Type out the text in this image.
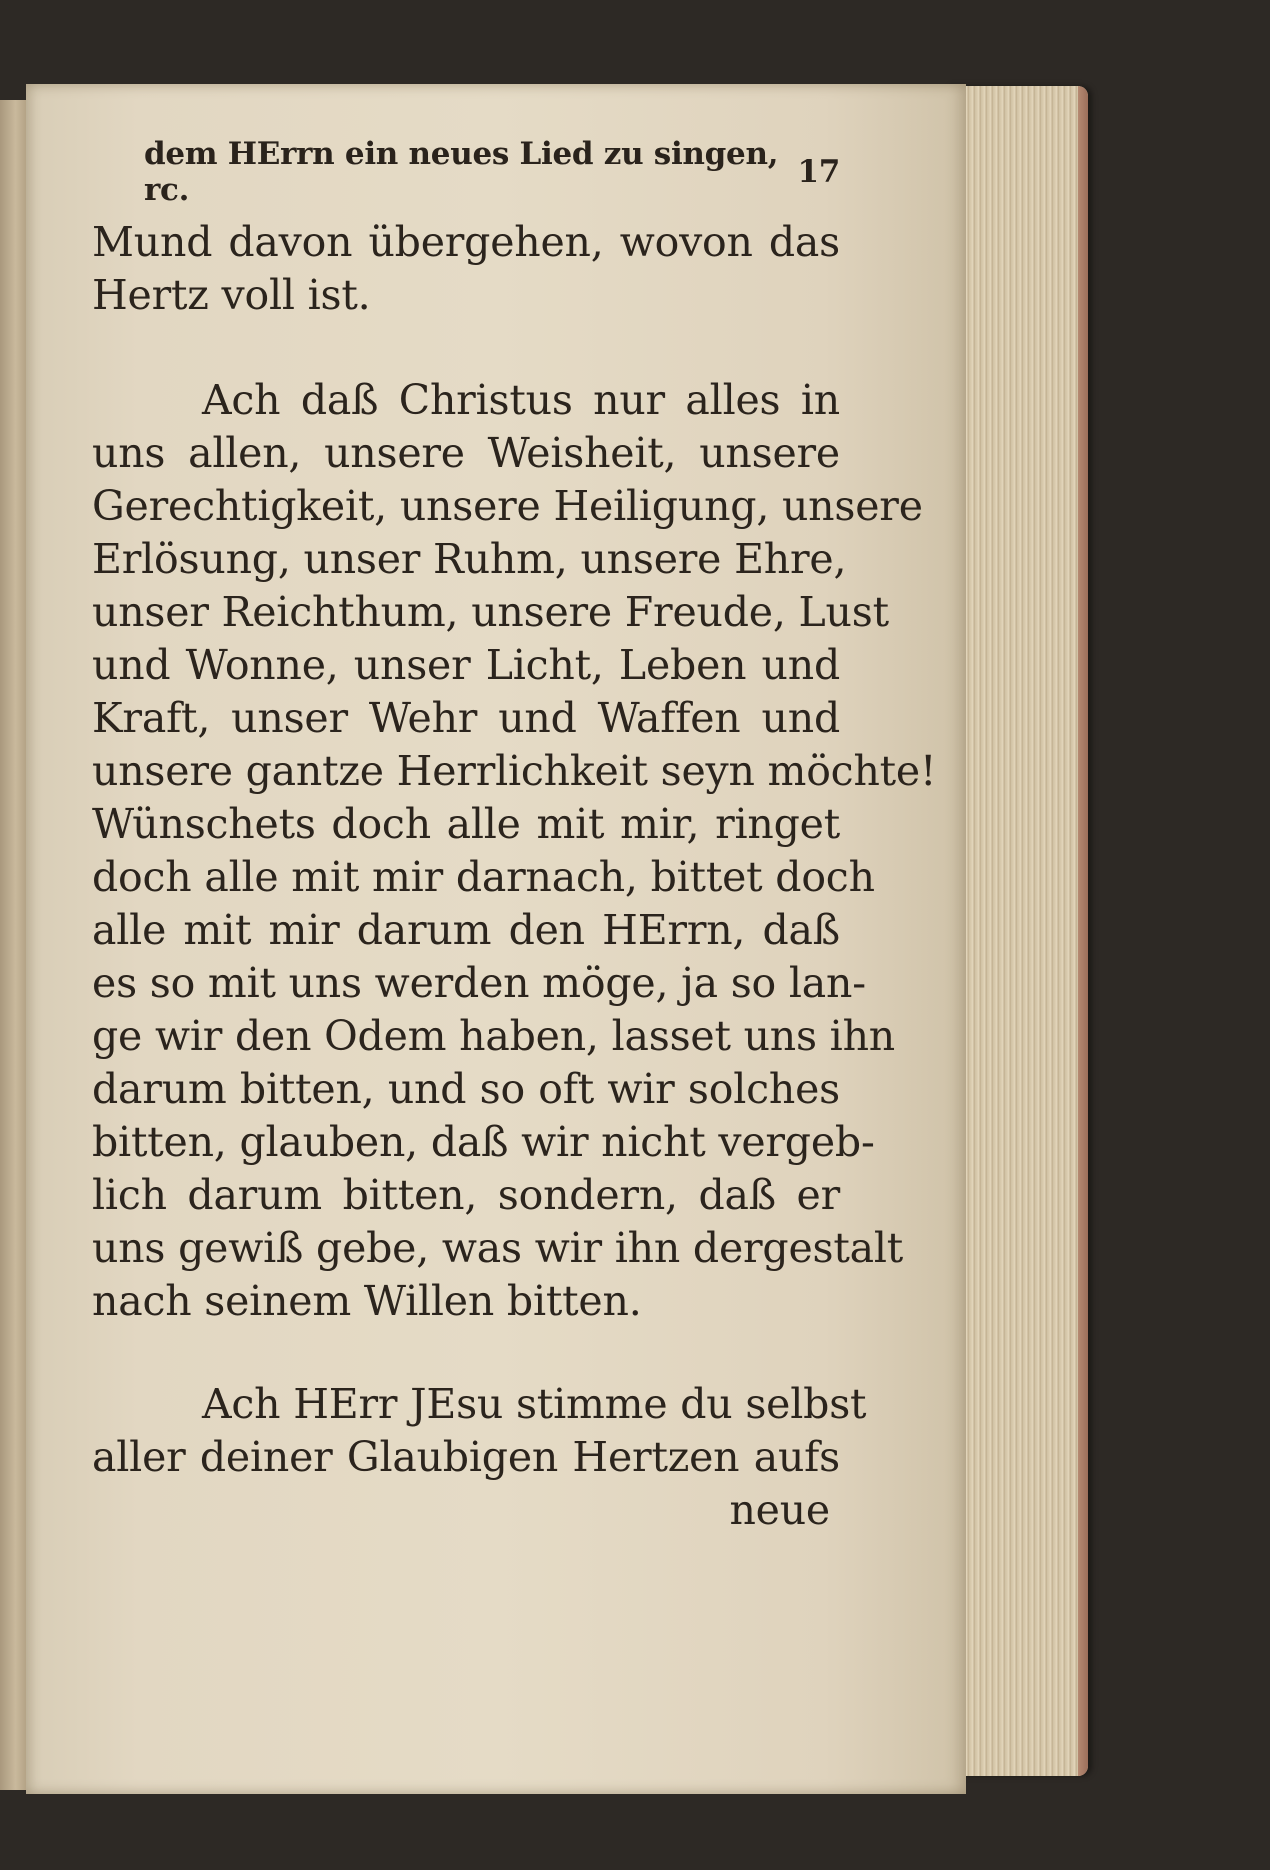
dem HErrn ein neues Lied zu singen, rc.	17
Mund davon übergehen, wovon das
Hertz voll ist.
Ach daß Christus nur alles in
uns allen, unsere Weisheit, unsere
Gerechtigkeit, unsere Heiligung, unsere
Erlösung, unser Ruhm, unsere Ehre,
unser Reichthum, unsere Freude, Lust
und Wonne, unser Licht, Leben und
Kraft, unser Wehr und Waffen und
unsere gantze Herrlichkeit seyn möchte!
Wünschets doch alle mit mir, ringet
doch alle mit mir darnach, bittet doch
alle mit mir darum den HErrn, daß
es so mit uns werden möge, ja so lan-
ge wir den Odem haben, lasset uns ihn
darum bitten, und so oft wir solches
bitten, glauben, daß wir nicht vergeb-
lich darum bitten, sondern, daß er
uns gewiß gebe, was wir ihn dergestalt
nach seinem Willen bitten.
Ach HErr JEsu stimme du selbst
aller deiner Glaubigen Hertzen aufs
neue
